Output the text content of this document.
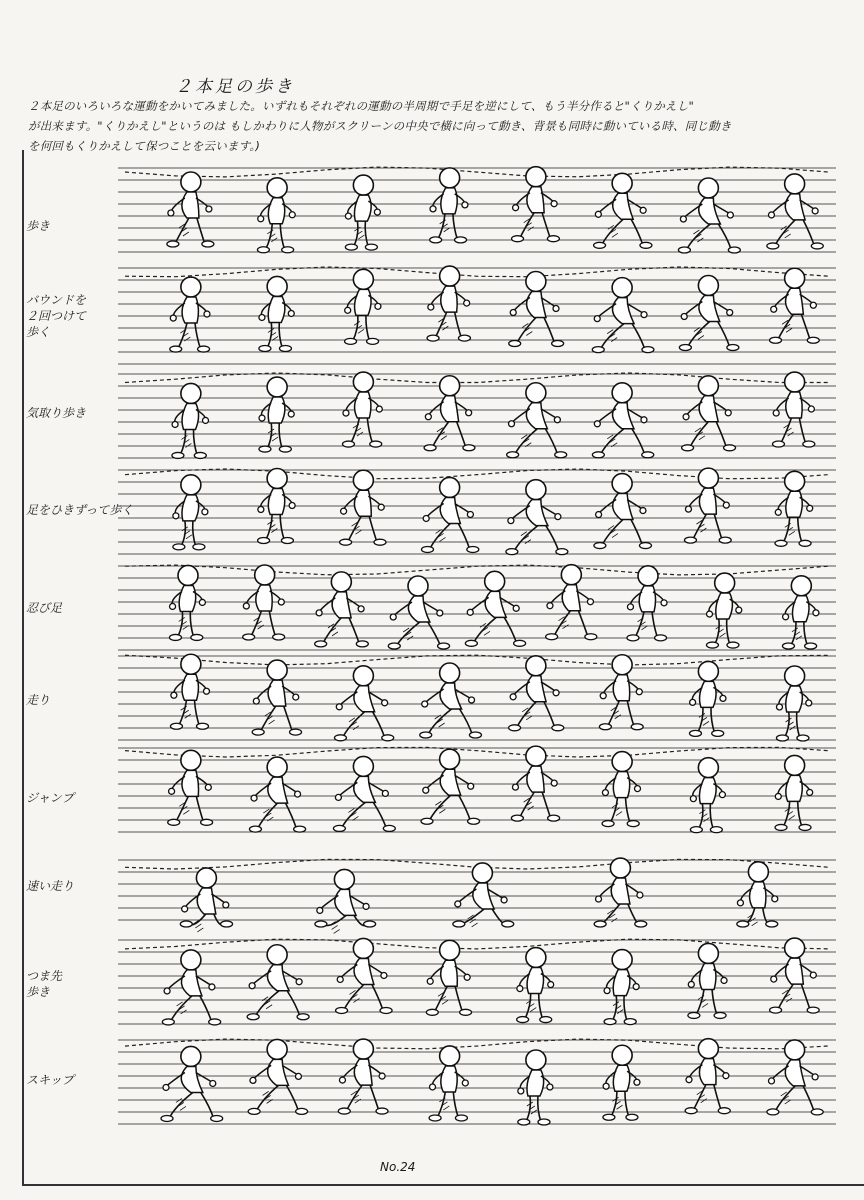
２本足の歩き
２本足のいろいろな運動をかいてみました。いずれもそれぞれの運動の半周期で手足を逆にして、もう半分作ると"くりかえし"
が出来ます。"くりかえし"というのは もしかわりに人物がスクリーンの中央で横に向って動き、背景も同時に動いている時、同じ動き
を何回もくりかえして保つことを云います。)
歩き
バウンドを
２回つけて
歩く
気取り歩き
足をひきずって歩く
忍び足
走り
ジャンプ
速い走り
つま先
歩き
スキップ
No.24
